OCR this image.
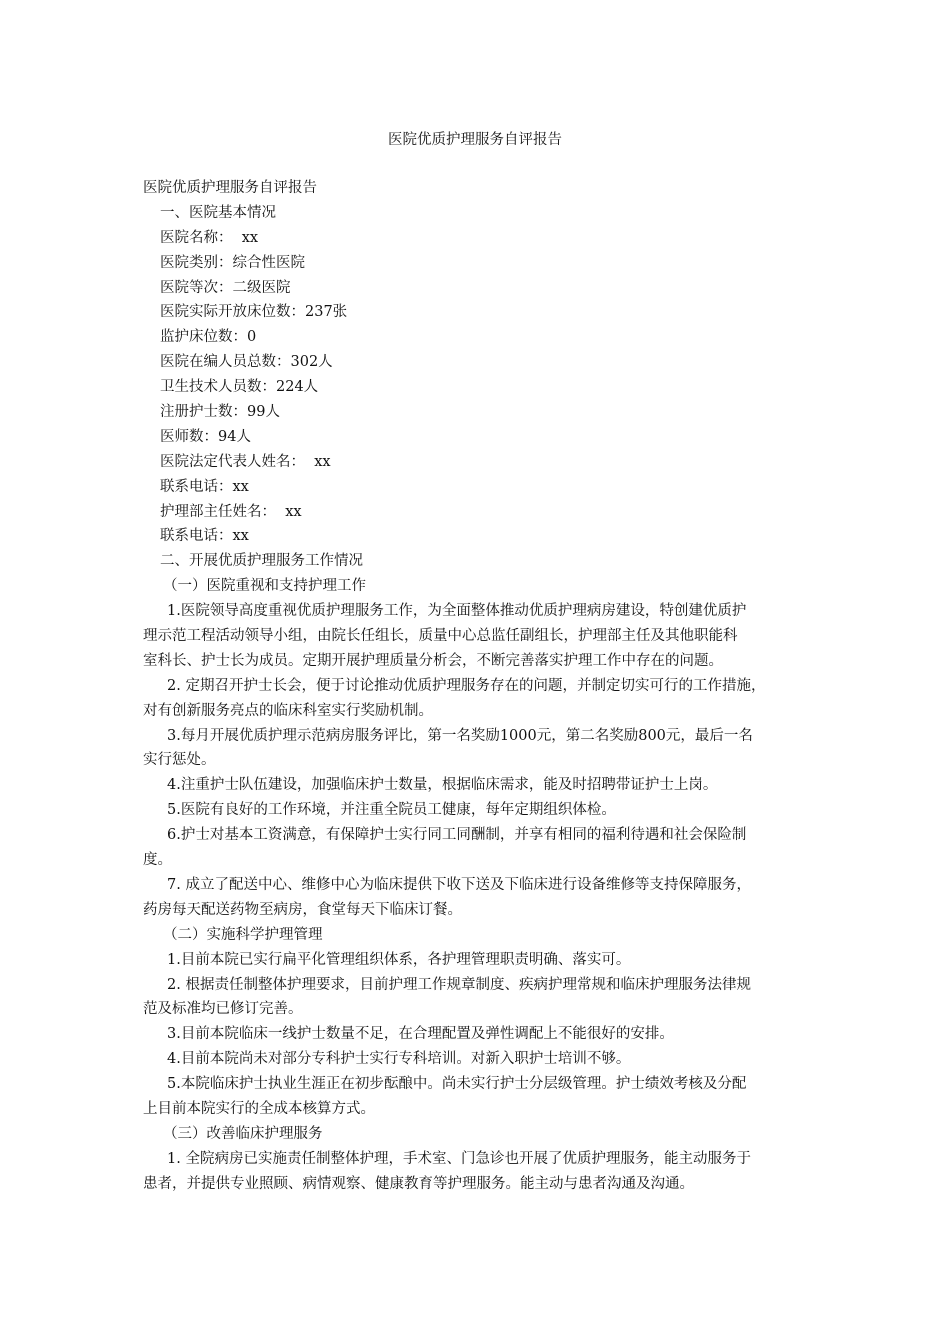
医院优质护理服务自评报告
医院优质护理服务自评报告
一、医院基本情况
医院名称：  xx
医院类别：综合性医院
医院等次：二级医院
医院实际开放床位数：237张
监护床位数：0
医院在编人员总数：302人
卫生技术人员数：224人
注册护士数：99人
医师数：94人
医院法定代表人姓名：  xx
联系电话：xx
护理部主任姓名：  xx
联系电话：xx
二、开展优质护理服务工作情况
（一）医院重视和支持护理工作
1.医院领导高度重视优质护理服务工作，为全面整体推动优质护理病房建设，特创建优质护
理示范工程活动领导小组，由院长任组长，质量中心总监任副组长，护理部主任及其他职能科
室科长、护士长为成员。定期开展护理质量分析会，不断完善落实护理工作中存在的问题。
2. 定期召开护士长会，便于讨论推动优质护理服务存在的问题，并制定切实可行的工作措施，
对有创新服务亮点的临床科室实行奖励机制。
3.每月开展优质护理示范病房服务评比，第一名奖励1000元，第二名奖励800元，最后一名
实行惩处。
4.注重护士队伍建设，加强临床护士数量，根据临床需求，能及时招聘带证护士上岗。
5.医院有良好的工作环境，并注重全院员工健康，每年定期组织体检。
6.护士对基本工资满意，有保障护士实行同工同酬制，并享有相同的福利待遇和社会保险制
度。
7. 成立了配送中心、维修中心为临床提供下收下送及下临床进行设备维修等支持保障服务，
药房每天配送药物至病房，食堂每天下临床订餐。
（二）实施科学护理管理
1.目前本院已实行扁平化管理组织体系，各护理管理职责明确、落实可。
2. 根据责任制整体护理要求，目前护理工作规章制度、疾病护理常规和临床护理服务法律规
范及标准均已修订完善。
3.目前本院临床一线护士数量不足，在合理配置及弹性调配上不能很好的安排。
4.目前本院尚未对部分专科护士实行专科培训。对新入职护士培训不够。
5.本院临床护士执业生涯正在初步酝酿中。尚未实行护士分层级管理。护士绩效考核及分配
上目前本院实行的全成本核算方式。
（三）改善临床护理服务
1. 全院病房已实施责任制整体护理，手术室、门急诊也开展了优质护理服务，能主动服务于
患者，并提供专业照顾、病情观察、健康教育等护理服务。能主动与患者沟通及沟通。
